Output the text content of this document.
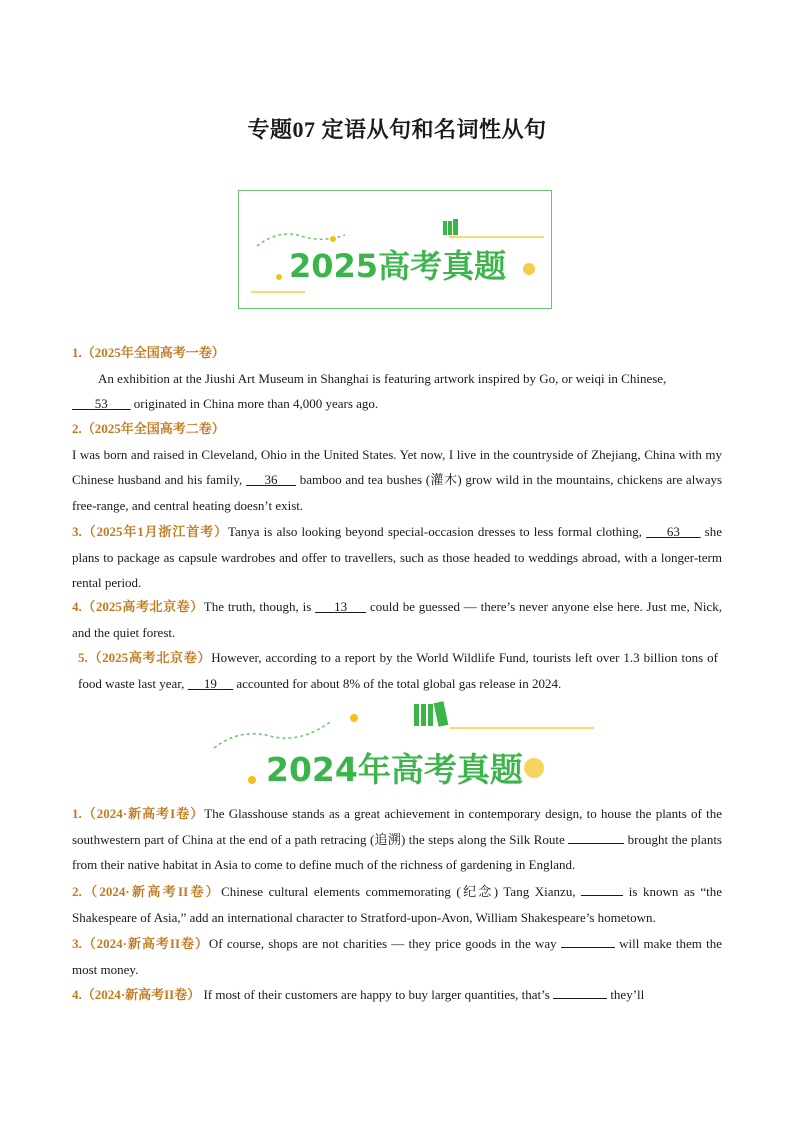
专题07 定语从句和名词性从句
2025高考真题
1.（2025年全国高考一卷）
An exhibition at the Jiushi Art Museum in Shanghai is featuring artwork inspired by Go, or weiqi in Chinese,
53        originated in China more than 4,000 years ago.
2.（2025年全国高考二卷）
I was born and raised in Cleveland, Ohio in the United States. Yet now, I live in the countryside of Zhejiang, China with my Chinese husband and his family,      36      bamboo and tea bushes (灌木) grow wild in the mountains, chickens are always free-range, and central heating doesn’t exist.
3.（2025年1月浙江首考）Tanya is also looking beyond special-occasion dresses to less formal clothing,      63      she plans to package as capsule wardrobes and offer to travellers, such as those headed to weddings abroad, with a longer-term rental period.
4.（2025高考北京卷）The truth, though, is      13      could be guessed — there’s never anyone else here. Just me, Nick, and the quiet forest.
5.（2025高考北京卷）However, according to a report by the World Wildlife Fund, tourists left over 1.3 billion tons of food waste last year,      19      accounted for about 8% of the total global gas release in 2024.
2024年高考真题
1.（2024·新高考I卷）The Glasshouse stands as a great achievement in contemporary design, to house the plants of the southwestern part of China at the end of a path retracing (追溯) the steps along the Silk Route	brought the plants from their native habitat in Asia to come to define much of the richness of gardening in England.
2.（2024·新高考II卷）Chinese cultural elements commemorating (纪念) Tang Xianzu,	is known as “the Shakespeare of Asia,” add an international character to Stratford-upon-Avon, William Shakespeare’s hometown.
3.（2024·新高考II卷）Of course, shops are not charities — they price goods in the way	will make them the most money.
4.（2024·新高考II卷） If most of their customers are happy to buy larger quantities, that’s	they’ll
